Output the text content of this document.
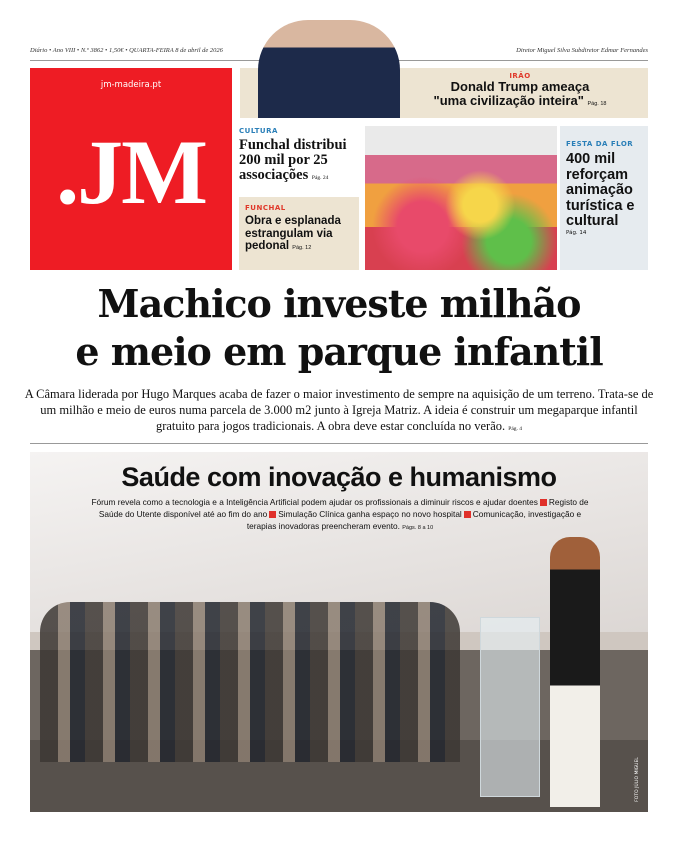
Diário • Ano VIII • N.º 3862 • 1,50€ • QUARTA-FEIRA 8 de abril de 2026	Diretor Miguel Silva Subdiretor Edmar Fernandes
jm-madeira.pt
.JM
IRÃO
Donald Trump ameaça
"uma civilização inteira" Pág. 18
CULTURA
Funchal distribui 200 mil por 25 associações Pág. 24
FUNCHAL
Obra e esplanada estrangulam via pedonal Pág. 12
FESTA DA FLOR
400 mil reforçam animação turística e cultural
Pág. 14
Machico investe milhão
e meio em parque infantil
A Câmara liderada por Hugo Marques acaba de fazer o maior investimento de sempre na aquisição de um terreno. Trata-se de um milhão e meio de euros numa parcela de 3.000 m2 junto à Igreja Matriz. A ideia é construir um megaparque infantil gratuito para jogos tradicionais. A obra deve estar concluída no verão. Pág. 4
Saúde com inovação e humanismo
Fórum revela como a tecnologia e a Inteligência Artificial podem ajudar os profissionais a diminuir riscos e ajudar doentes Registo de Saúde do Utente disponível até ao fim do ano Simulação Clínica ganha espaço no novo hospital Comunicação, investigação e terapias inovadoras preencheram evento. Págs. 8 a 10
FOTO JÚLIO MIGUEL
